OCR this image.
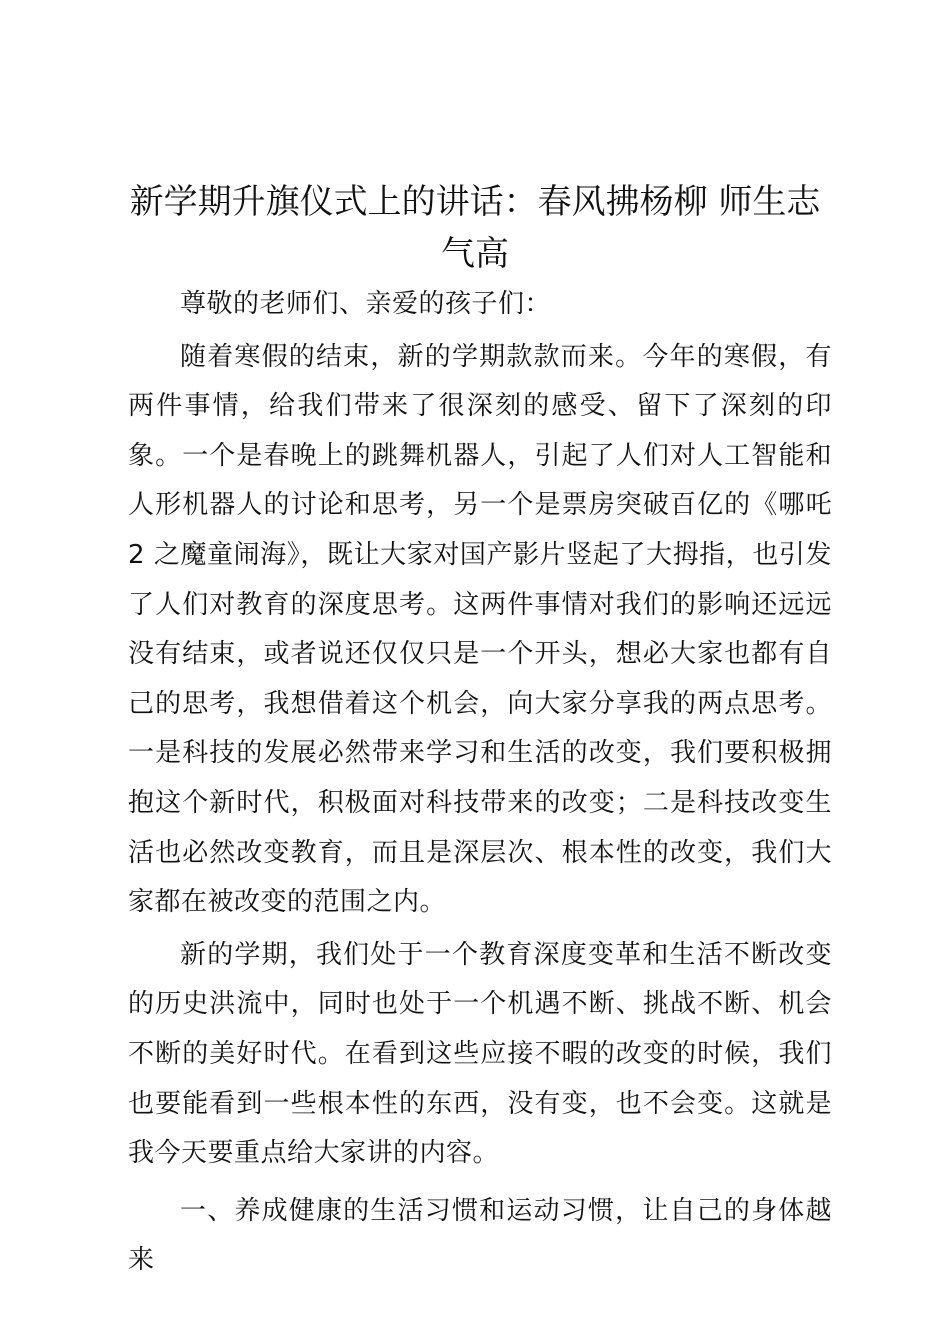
新学期升旗仪式上的讲话：春风拂杨柳 师生志气高

尊敬的老师们、亲爱的孩子们：

随着寒假的结束，新的学期款款而来。今年的寒假，有两件事情，给我们带来了很深刻的感受、留下了深刻的印象。一个是春晚上的跳舞机器人，引起了人们对人工智能和人形机器人的讨论和思考，另一个是票房突破百亿的《哪吒 2 之魔童闹海》，既让大家对国产影片竖起了大拇指，也引发了人们对教育的深度思考。这两件事情对我们的影响还远远没有结束，或者说还仅仅只是一个开头，想必大家也都有自己的思考，我想借着这个机会，向大家分享我的两点思考。一是科技的发展必然带来学习和生活的改变，我们要积极拥抱这个新时代，积极面对科技带来的改变；二是科技改变生活也必然改变教育，而且是深层次、根本性的改变，我们大家都在被改变的范围之内。

新的学期，我们处于一个教育深度变革和生活不断改变的历史洪流中，同时也处于一个机遇不断、挑战不断、机会不断的美好时代。在看到这些应接不暇的改变的时候，我们也要能看到一些根本性的东西，没有变，也不会变。这就是我今天要重点给大家讲的内容。

一、养成健康的生活习惯和运动习惯，让自己的身体越来
